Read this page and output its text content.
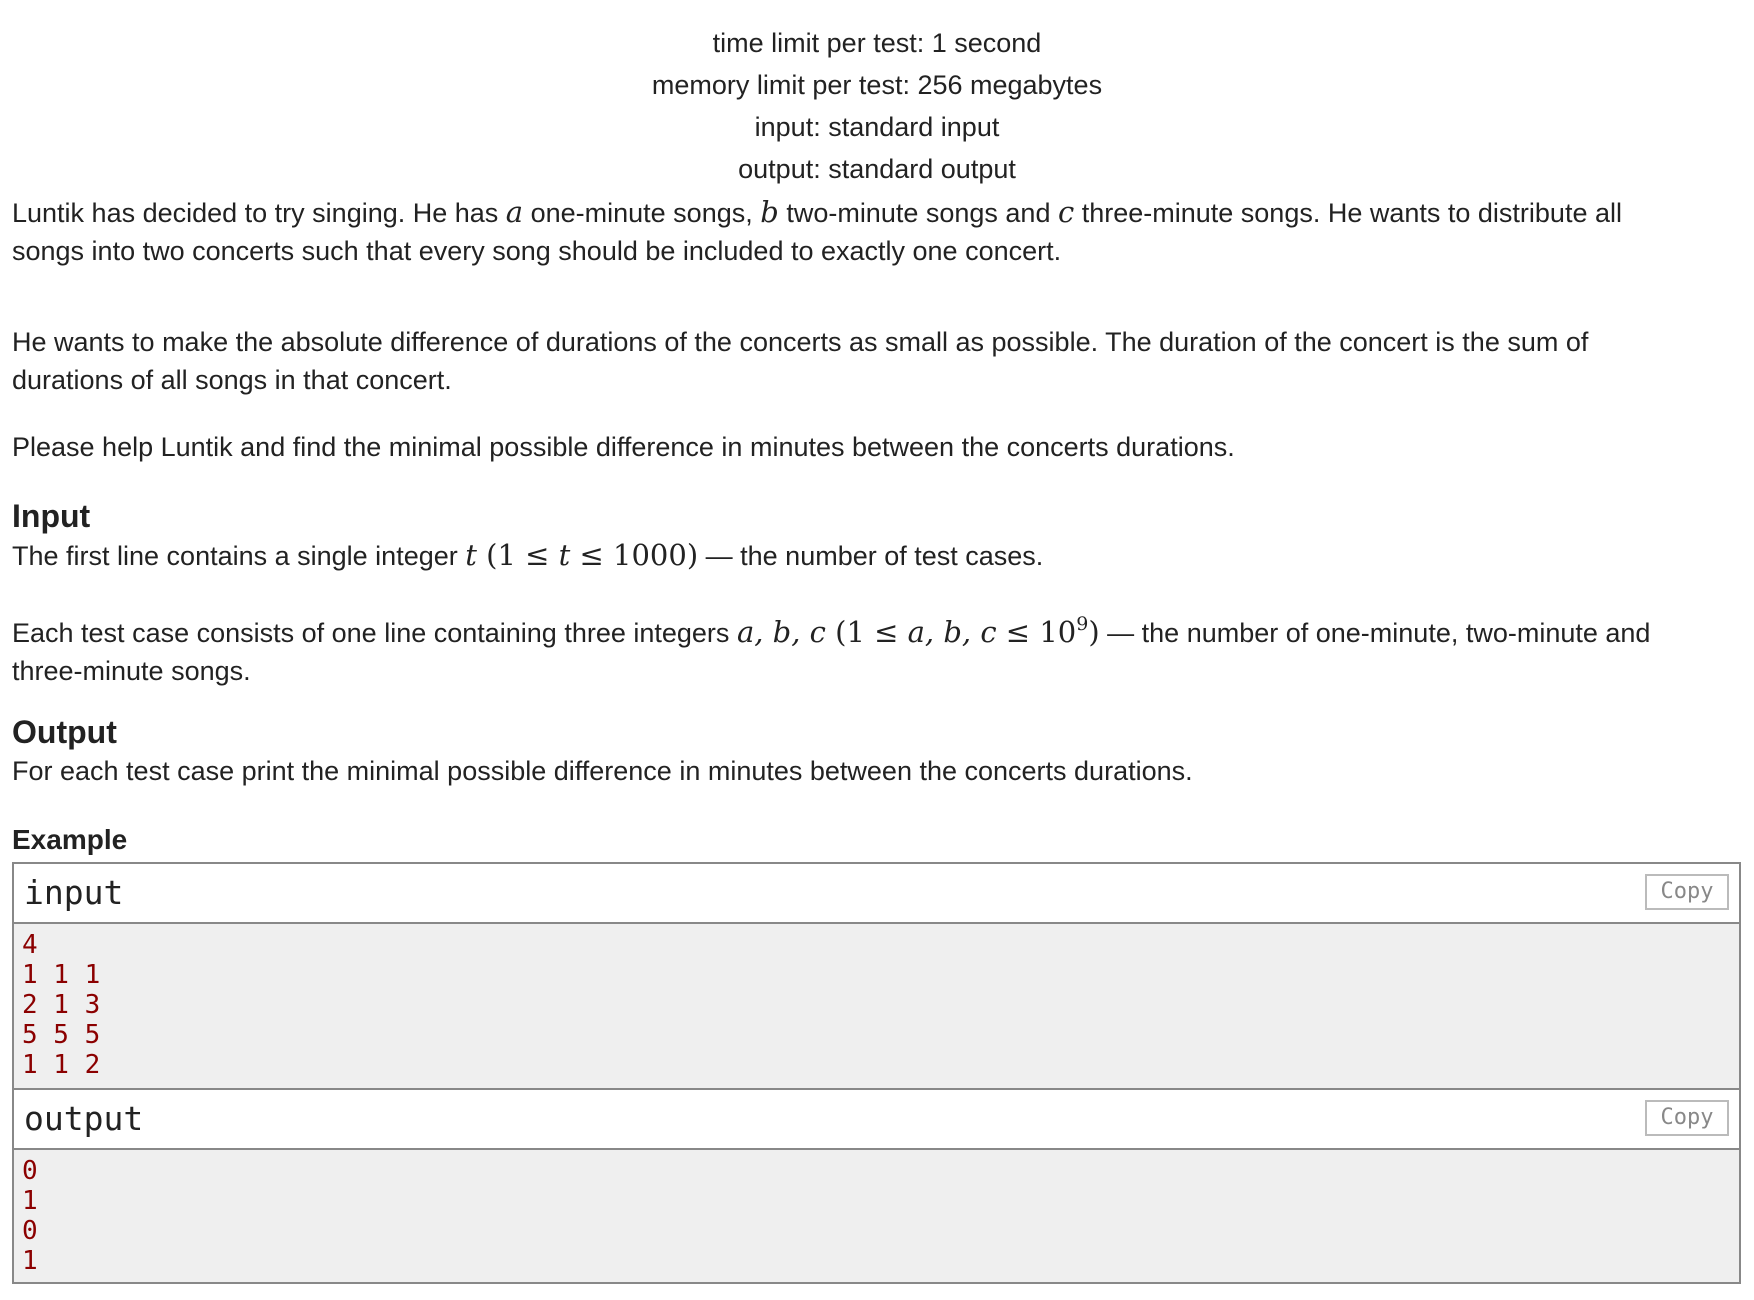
time limit per test: 1 second
memory limit per test: 256 megabytes
input: standard input
output: standard output

Luntik has decided to try singing. He has a one-minute songs, b two-minute songs and c three-minute songs. He wants to distribute all
songs into two concerts such that every song should be included to exactly one concert.

He wants to make the absolute difference of durations of the concerts as small as possible. The duration of the concert is the sum of
durations of all songs in that concert.

Please help Luntik and find the minimal possible difference in minutes between the concerts durations.

Input

The first line contains a single integer t (1 ≤ t ≤ 1000) — the number of test cases.

Each test case consists of one line containing three integers a, b, c (1 ≤ a, b, $c \le 10^9$) — the number of one-minute, two-minute and
three-minute songs.

Output

For each test case print the minimal possible difference in minutes between the concerts durations.

Example
input	Copy
4
1 1 1
2 1 3
5 5 5
1 1 2
output	Copy
0
1
0
1
